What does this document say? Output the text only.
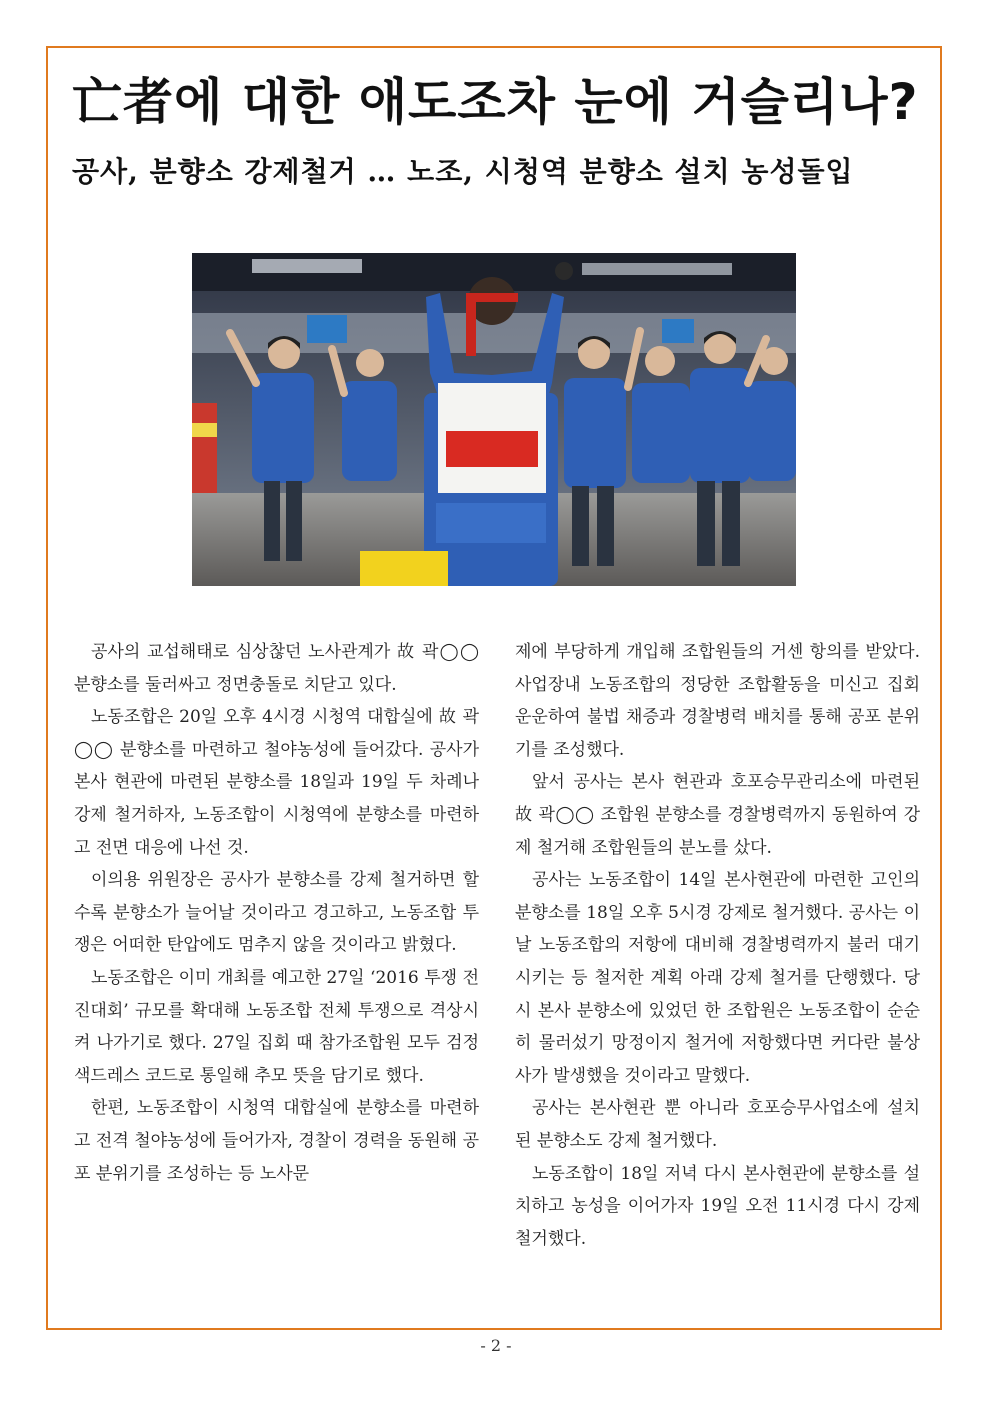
亡者에 대한 애도조차 눈에 거슬리나?
공사, 분향소 강제철거 … 노조, 시청역 분향소 설치 농성돌입

공사의 교섭해태로 심상찮던 노사관계가 故 곽◯◯ 분향소를 둘러싸고 정면충돌로 치닫고 있다.

노동조합은 20일 오후 4시경 시청역 대합실에 故 곽◯◯ 분향소를 마련하고 철야농성에 들어갔다. 공사가 본사 현관에 마련된 분향소를 18일과 19일 두 차례나 강제 철거하자, 노동조합이 시청역에 분향소를 마련하고 전면 대응에 나선 것.

이의용 위원장은 공사가 분향소를 강제 철거하면 할수록 분향소가 늘어날 것이라고 경고하고, 노동조합 투쟁은 어떠한 탄압에도 멈추지 않을 것이라고 밝혔다.

노동조합은 이미 개최를 예고한 27일 ‘2016 투쟁 전진대회’ 규모를 확대해 노동조합 전체 투쟁으로 격상시켜 나가기로 했다. 27일 집회 때 참가조합원 모두 검정색드레스 코드로 통일해 추모 뜻을 담기로 했다.

한편, 노동조합이 시청역 대합실에 분향소를 마련하고 전격 철야농성에 들어가자, 경찰이 경력을 동원해 공포 분위기를 조성하는 등 노사문

제에 부당하게 개입해 조합원들의 거센 항의를 받았다. 사업장내 노동조합의 정당한 조합활동을 미신고 집회 운운하여 불법 채증과 경찰병력 배치를 통해 공포 분위기를 조성했다.

앞서 공사는 본사 현관과 호포승무관리소에 마련된 故 곽◯◯ 조합원 분향소를 경찰병력까지 동원하여 강제 철거해 조합원들의 분노를 샀다.

공사는 노동조합이 14일 본사현관에 마련한 고인의 분향소를 18일 오후 5시경 강제로 철거했다. 공사는 이날 노동조합의 저항에 대비해 경찰병력까지 불러 대기시키는 등 철저한 계획 아래 강제 철거를 단행했다. 당시 본사 분향소에 있었던 한 조합원은 노동조합이 순순히 물러섰기 망정이지 철거에 저항했다면 커다란 불상사가 발생했을 것이라고 말했다.

공사는 본사현관 뿐 아니라 호포승무사업소에 설치된 분향소도 강제 철거했다.

노동조합이 18일 저녁 다시 본사현관에 분향소를 설치하고 농성을 이어가자 19일 오전 11시경 다시 강제 철거했다.

- 2 -
